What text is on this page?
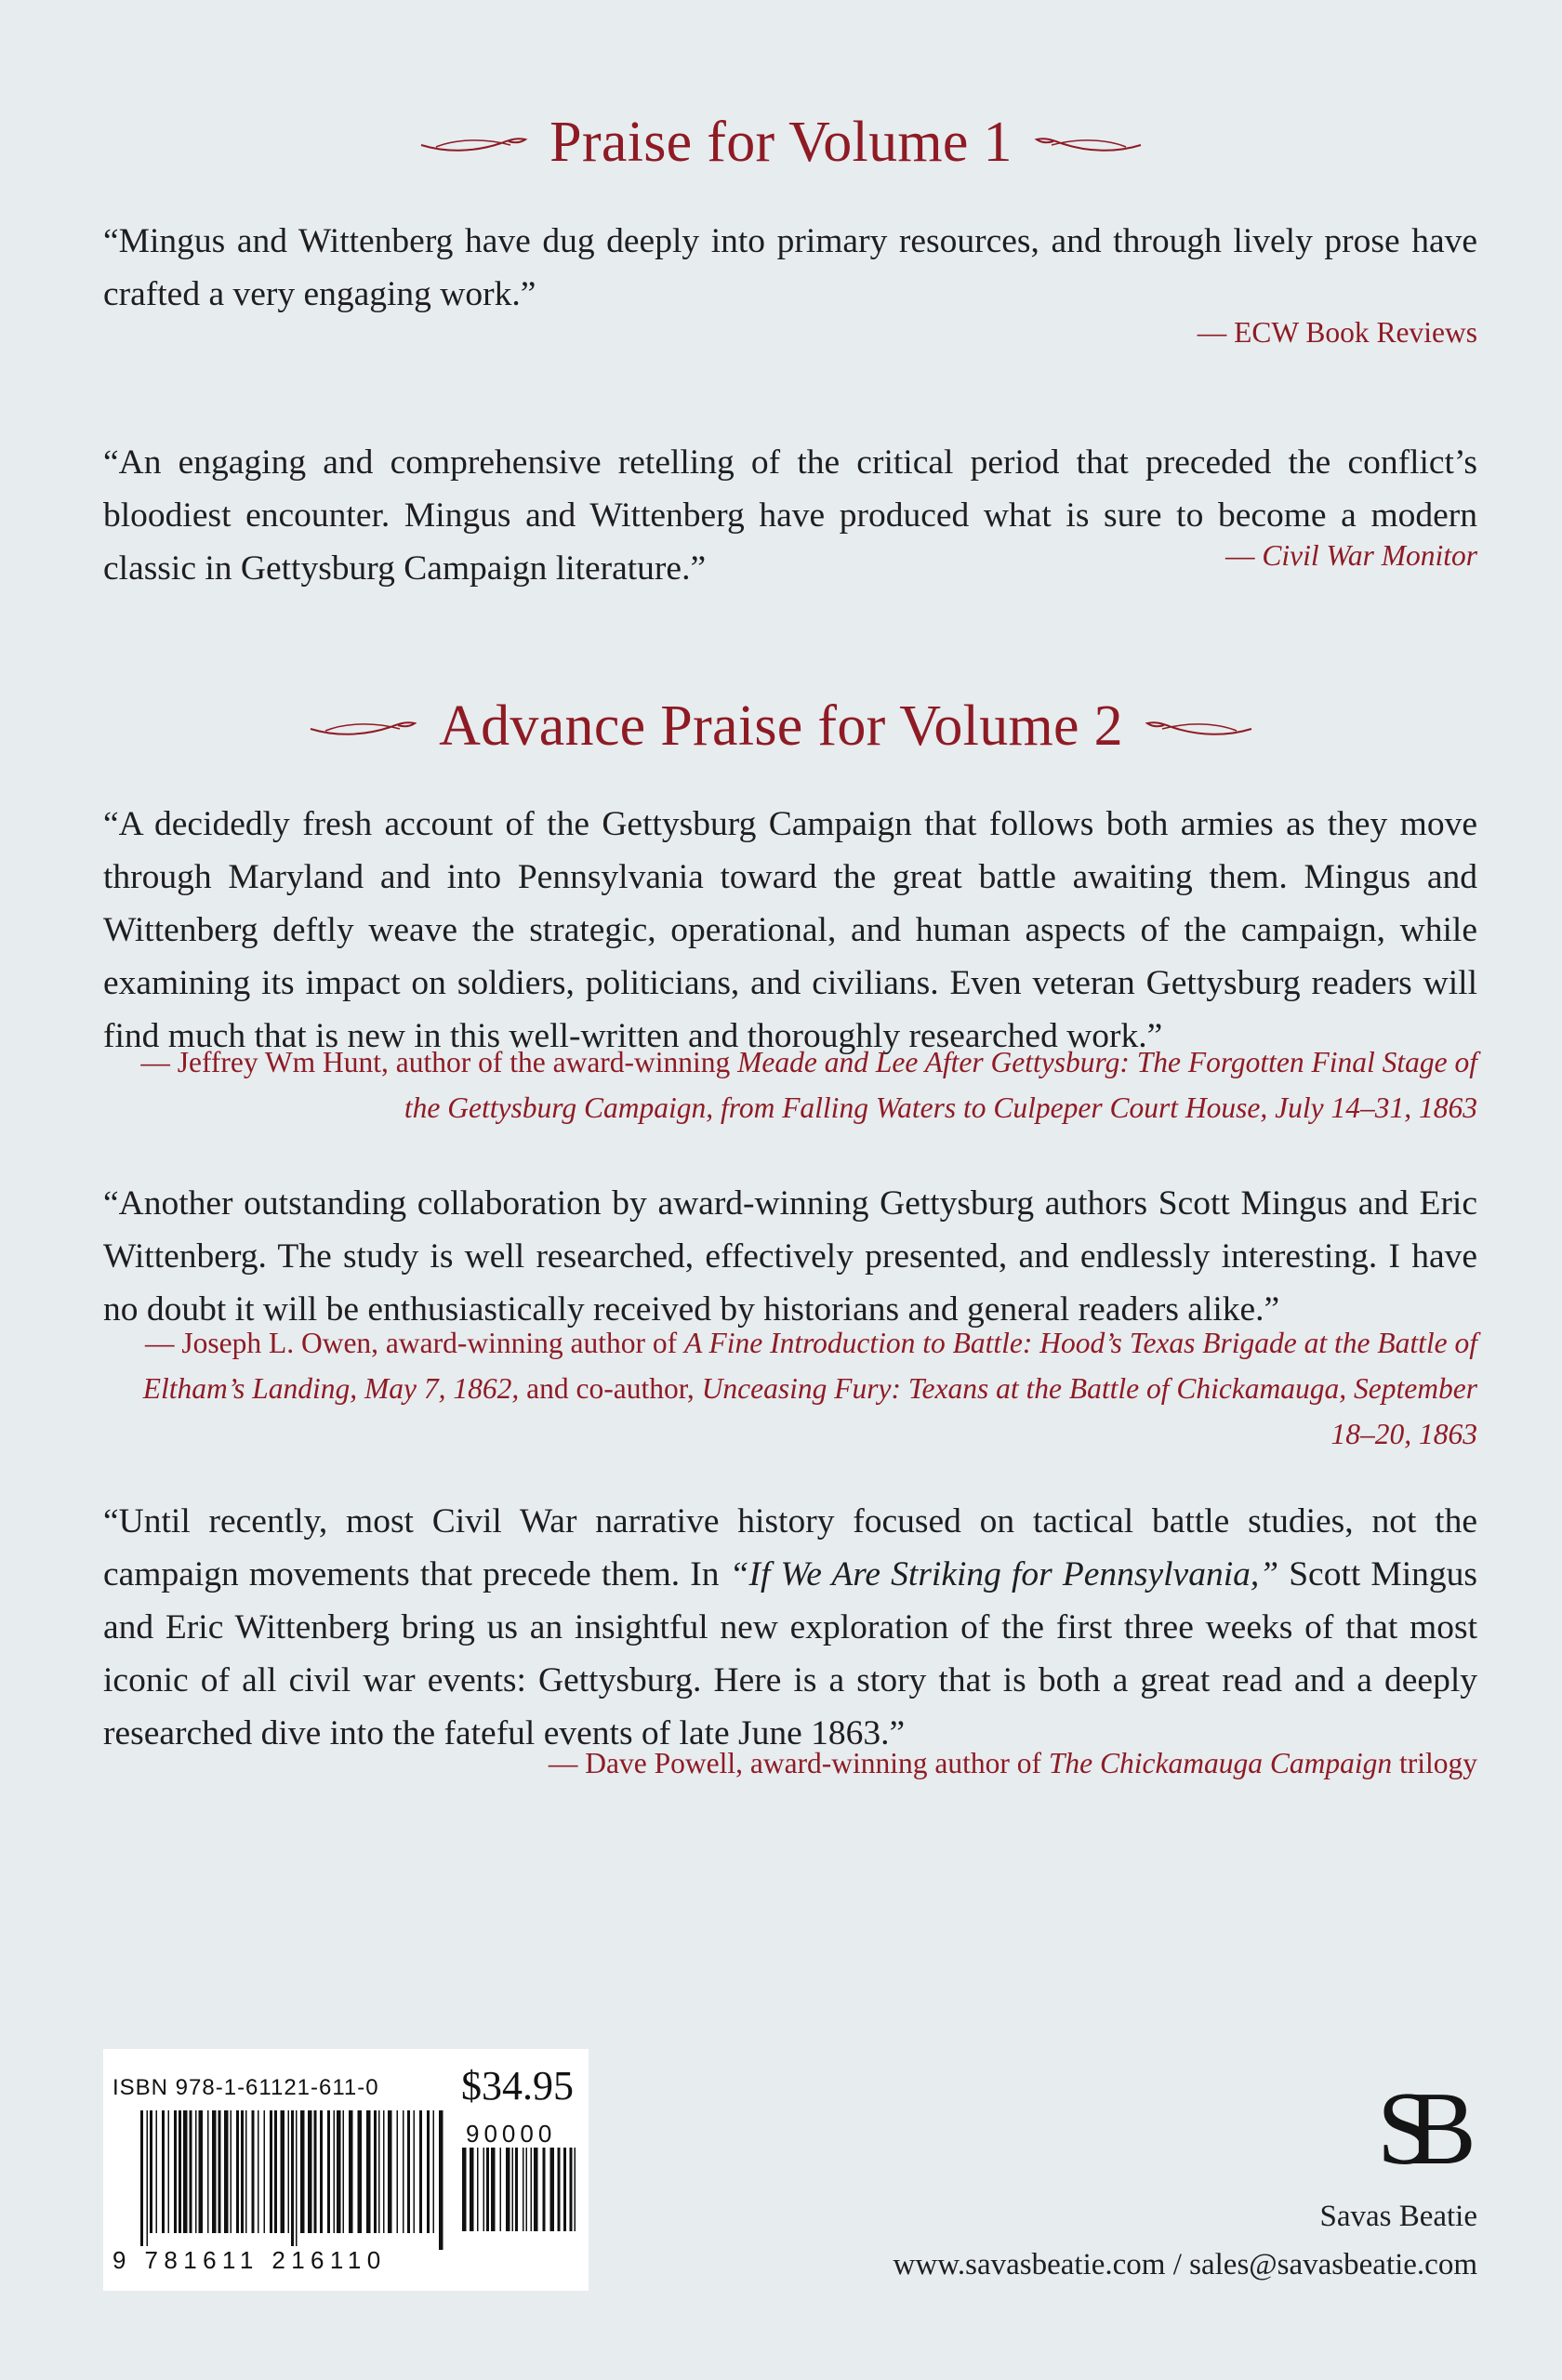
Praise for Volume 1

“Mingus and Wittenberg have dug deeply into primary resources, and through lively prose have crafted a very engaging work.”

— ECW Book Reviews

“An engaging and comprehensive retelling of the critical period that preceded the conflict’s bloodiest encounter. Mingus and Wittenberg have produced what is sure to become a modern classic in Gettysburg Campaign literature.”	— Civil War Monitor

Advance Praise for Volume 2

“A decidedly fresh account of the Gettysburg Campaign that follows both armies as they move through Maryland and into Pennsylvania toward the great battle awaiting them. Mingus and Wittenberg deftly weave the strategic, operational, and human aspects of the campaign, while examining its impact on soldiers, politicians, and civilians. Even veteran Gettysburg readers will find much that is new in this well-written and thoroughly researched work.”

— Jeffrey Wm Hunt, author of the award-winning Meade and Lee After Gettysburg: The Forgotten Final Stage of the Gettysburg Campaign, from Falling Waters to Culpeper Court House, July 14–31, 1863

“Another outstanding collaboration by award-winning Gettysburg authors Scott Mingus and Eric Wittenberg. The study is well researched, effectively presented, and endlessly interesting. I have no doubt it will be enthusiastically received by historians and general readers alike.”

— Joseph L. Owen, award-winning author of A Fine Introduction to Battle: Hood’s Texas Brigade at the Battle of Eltham’s Landing, May 7, 1862, and co-author, Unceasing Fury: Texans at the Battle of Chickamauga, September 18–20, 1863

“Until recently, most Civil War narrative history focused on tactical battle studies, not the campaign movements that precede them. In “If We Are Striking for Pennsylvania,” Scott Mingus and Eric Wittenberg bring us an insightful new exploration of the first three weeks of that most iconic of all civil war events: Gettysburg. Here is a story that is both a great read and a deeply researched dive into the fateful events of late June 1863.”

— Dave Powell, award-winning author of The Chickamauga Campaign trilogy

ISBN 978-1-61121-611-0 $34.95
90000
9 781611 216110
SB
Savas Beatie
www.savasbeatie.com / sales@savasbeatie.com
